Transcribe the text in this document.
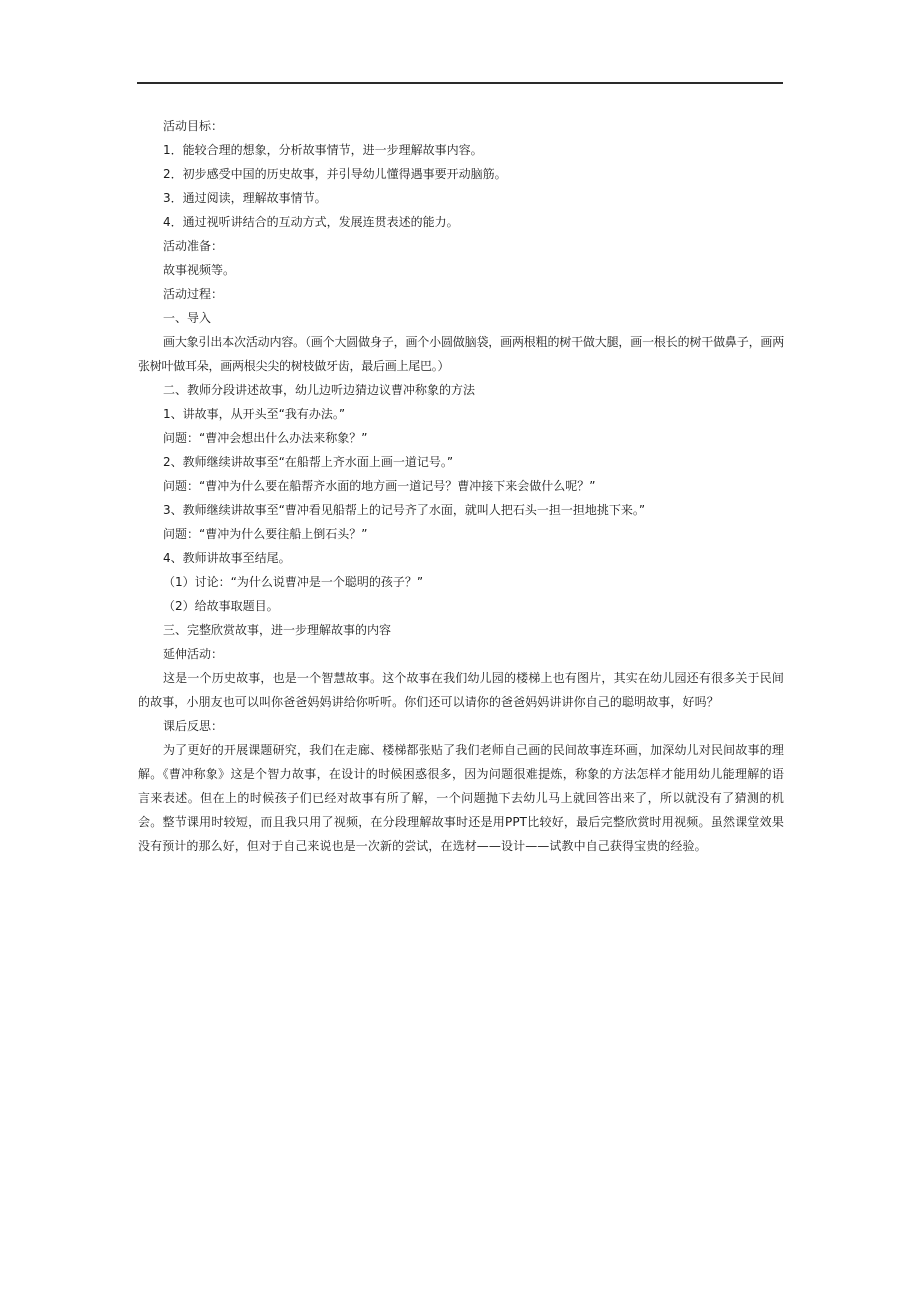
活动目标：

1．能较合理的想象，分析故事情节，进一步理解故事内容。

2．初步感受中国的历史故事，并引导幼儿懂得遇事要开动脑筋。

3．通过阅读，理解故事情节。

4．通过视听讲结合的互动方式，发展连贯表述的能力。

活动准备：

故事视频等。

活动过程：

一、导入

画大象引出本次活动内容。（画个大圆做身子，画个小圆做脑袋，画两根粗的树干做大腿，画一根长的树干做鼻子，画两张树叶做耳朵，画两根尖尖的树枝做牙齿，最后画上尾巴。）

二、教师分段讲述故事，幼儿边听边猜边议曹冲称象的方法

1、讲故事，从开头至“我有办法。”

问题：“曹冲会想出什么办法来称象？”

2、教师继续讲故事至“在船帮上齐水面上画一道记号。”

问题：“曹冲为什么要在船帮齐水面的地方画一道记号？曹冲接下来会做什么呢？”

3、教师继续讲故事至“曹冲看见船帮上的记号齐了水面，就叫人把石头一担一担地挑下来。”

问题：“曹冲为什么要往船上倒石头？”

4、教师讲故事至结尾。

（1）讨论：“为什么说曹冲是一个聪明的孩子？”

（2）给故事取题目。

三、完整欣赏故事，进一步理解故事的内容

延伸活动：

这是一个历史故事，也是一个智慧故事。这个故事在我们幼儿园的楼梯上也有图片，其实在幼儿园还有很多关于民间的故事，小朋友也可以叫你爸爸妈妈讲给你听听。你们还可以请你的爸爸妈妈讲讲你自己的聪明故事，好吗？

课后反思：

为了更好的开展课题研究，我们在走廊、楼梯都张贴了我们老师自己画的民间故事连环画，加深幼儿对民间故事的理解。《曹冲称象》这是个智力故事，在设计的时候困惑很多，因为问题很难提炼，称象的方法怎样才能用幼儿能理解的语言来表述。但在上的时候孩子们已经对故事有所了解，一个问题抛下去幼儿马上就回答出来了，所以就没有了猜测的机会。整节课用时较短，而且我只用了视频，在分段理解故事时还是用PPT比较好，最后完整欣赏时用视频。虽然课堂效果没有预计的那么好，但对于自己来说也是一次新的尝试，在选材——设计——试教中自己获得宝贵的经验。
